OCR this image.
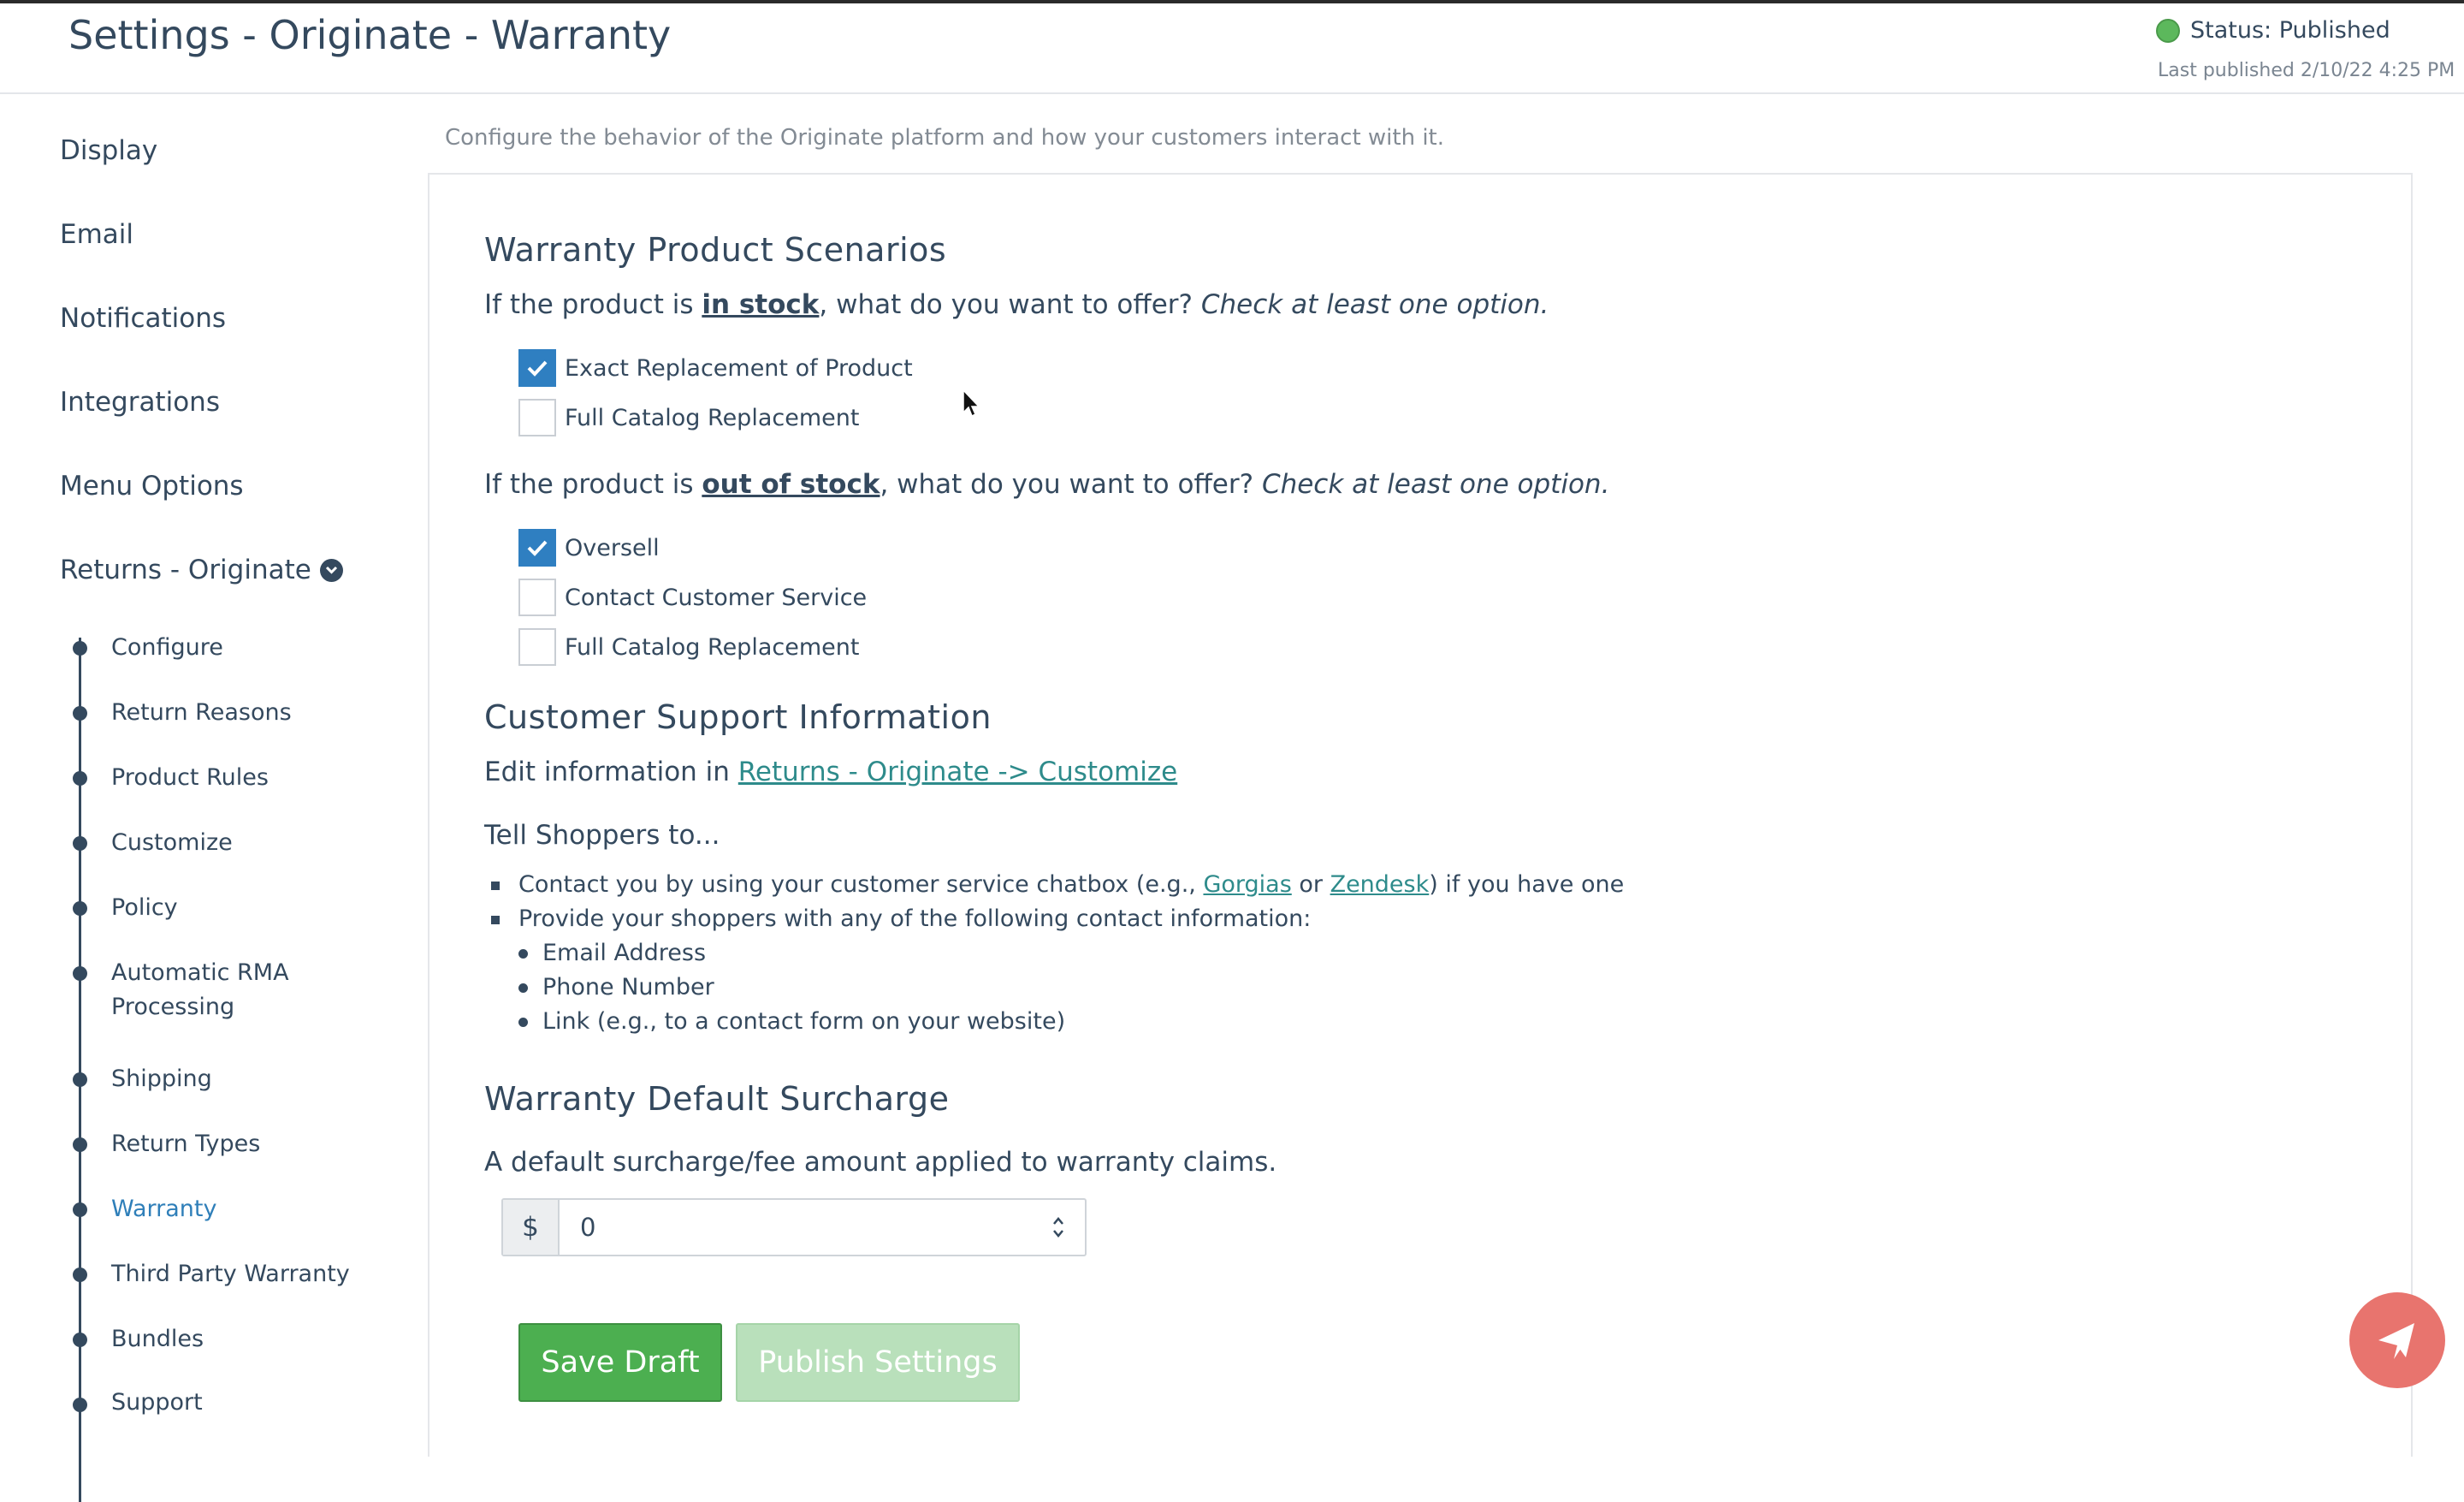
Settings - Originate - Warranty	Status: Published
Last published 2/10/22 4:25 PM
Display
Email
Notifications
Integrations
Menu Options
Returns - Originate
Configure
Return Reasons
Product Rules
Customize
Policy
Automatic RMA
Processing
Shipping
Return Types
Warranty
Third Party Warranty
Bundles
Support
Configure the behavior of the Originate platform and how your customers interact with it.
Warranty Product Scenarios
If the product is in stock, what do you want to offer? Check at least one option.
Exact Replacement of Product
Full Catalog Replacement
If the product is out of stock, what do you want to offer? Check at least one option.
Oversell
Contact Customer Service
Full Catalog Replacement
Customer Support Information
Edit information in Returns - Originate -> Customize
Tell Shoppers to...
Contact you by using your customer service chatbox (e.g., Gorgias or Zendesk) if you have one
Provide your shoppers with any of the following contact information:
Email Address
Phone Number
Link (e.g., to a contact form on your website)
Warranty Default Surcharge
A default surcharge/fee amount applied to warranty claims.
$	0
Save Draft	Publish Settings
